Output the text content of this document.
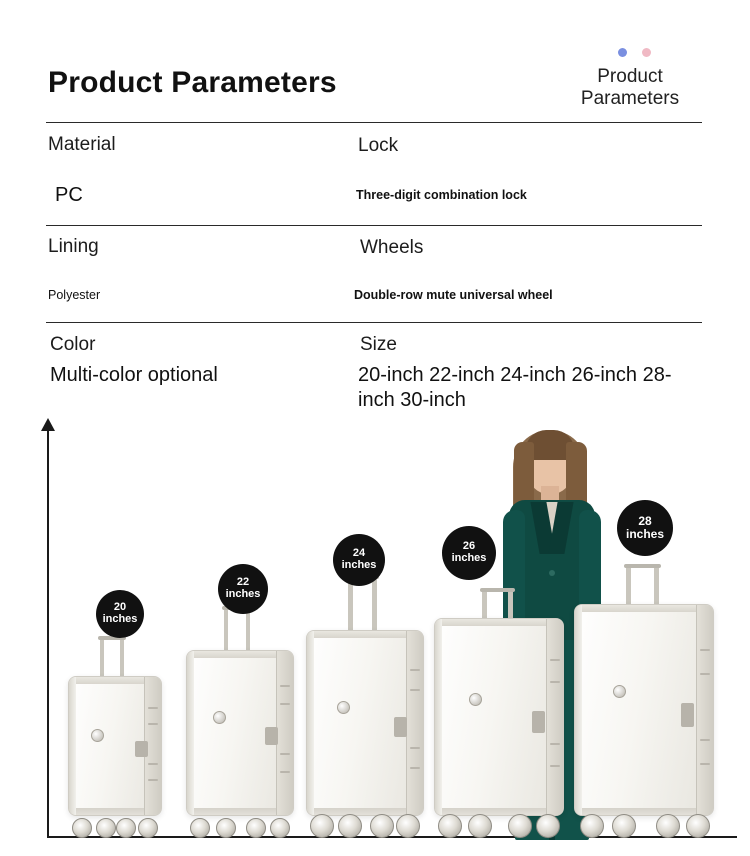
Product Parameters	Product
Parameters
Material
PC
Lock
Three-digit combination lock
Lining
Polyester
Wheels
Double-row mute universal wheel
Color
Multi-color optional
Size
20-inch 22-inch 24-inch 26-inch 28-inch 30-inch
20
inches
22
inches
24
inches
26
inches
28
inches
